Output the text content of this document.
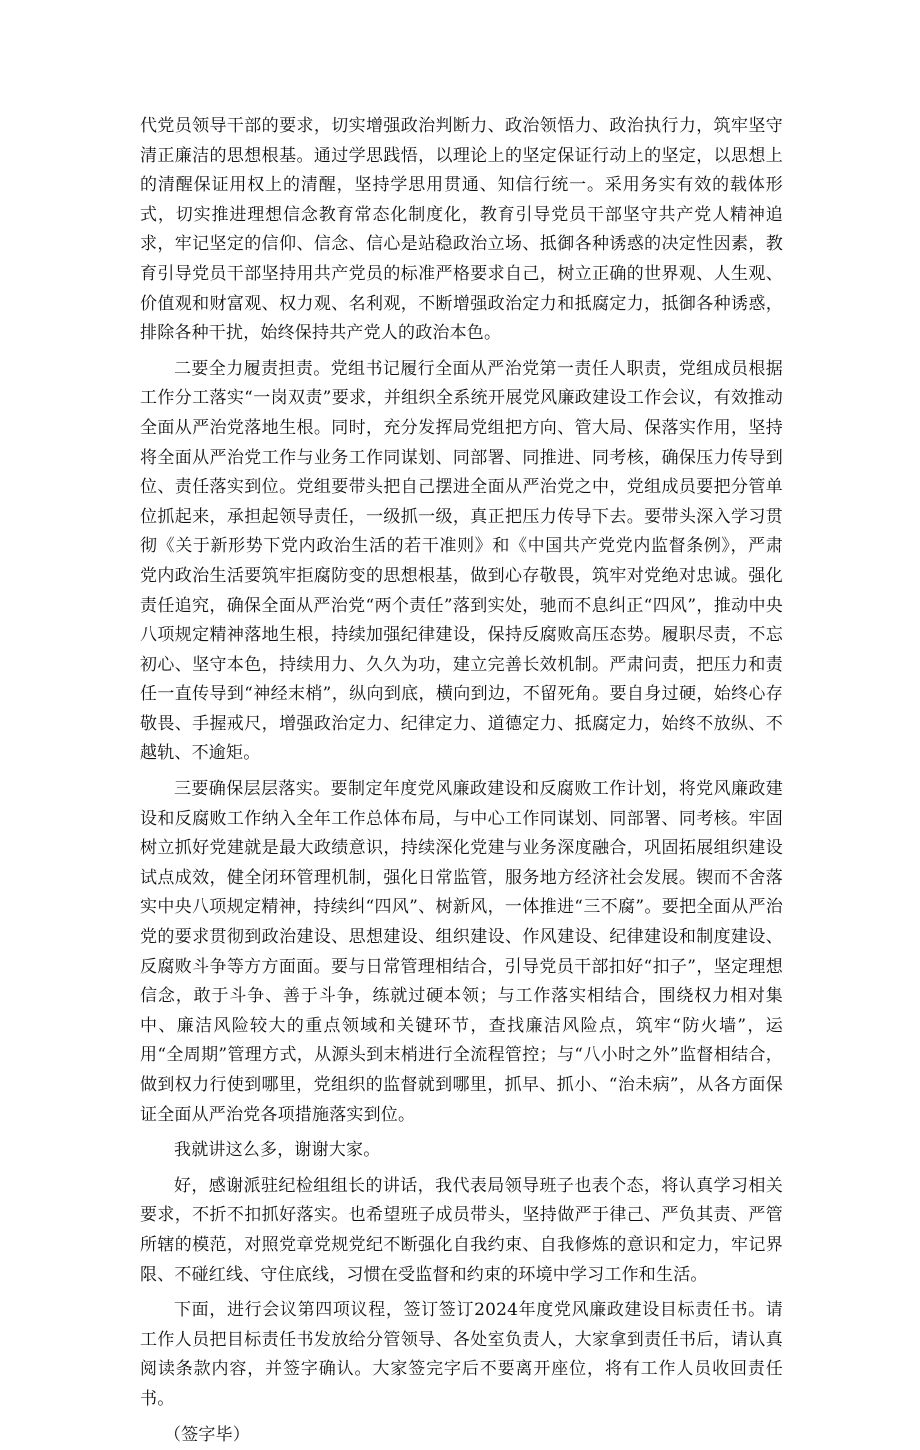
代党员领导干部的要求，切实增强政治判断力、政治领悟力、政治执行力，筑牢坚守清正廉洁的思想根基。通过学思践悟，以理论上的坚定保证行动上的坚定，以思想上的清醒保证用权上的清醒，坚持学思用贯通、知信行统一。采用务实有效的载体形式，切实推进理想信念教育常态化制度化，教育引导党员干部坚守共产党人精神追求，牢记坚定的信仰、信念、信心是站稳政治立场、抵御各种诱惑的决定性因素，教育引导党员干部坚持用共产党员的标准严格要求自己，树立正确的世界观、人生观、价值观和财富观、权力观、名利观，不断增强政治定力和抵腐定力，抵御各种诱惑，排除各种干扰，始终保持共产党人的政治本色。

二要全力履责担责。党组书记履行全面从严治党第一责任人职责，党组成员根据工作分工落实“一岗双责”要求，并组织全系统开展党风廉政建设工作会议，有效推动全面从严治党落地生根。同时，充分发挥局党组把方向、管大局、保落实作用，坚持将全面从严治党工作与业务工作同谋划、同部署、同推进、同考核，确保压力传导到位、责任落实到位。党组要带头把自己摆进全面从严治党之中，党组成员要把分管单位抓起来，承担起领导责任，一级抓一级，真正把压力传导下去。要带头深入学习贯彻《关于新形势下党内政治生活的若干准则》和《中国共产党党内监督条例》，严肃党内政治生活要筑牢拒腐防变的思想根基，做到心存敬畏，筑牢对党绝对忠诚。强化责任追究，确保全面从严治党“两个责任”落到实处，驰而不息纠正“四风”，推动中央八项规定精神落地生根，持续加强纪律建设，保持反腐败高压态势。履职尽责，不忘初心、坚守本色，持续用力、久久为功，建立完善长效机制。严肃问责，把压力和责任一直传导到“神经末梢”，纵向到底，横向到边，不留死角。要自身过硬，始终心存敬畏、手握戒尺，增强政治定力、纪律定力、道德定力、抵腐定力，始终不放纵、不越轨、不逾矩。

三要确保层层落实。要制定年度党风廉政建设和反腐败工作计划，将党风廉政建设和反腐败工作纳入全年工作总体布局，与中心工作同谋划、同部署、同考核。牢固树立抓好党建就是最大政绩意识，持续深化党建与业务深度融合，巩固拓展组织建设试点成效，健全闭环管理机制，强化日常监管，服务地方经济社会发展。锲而不舍落实中央八项规定精神，持续纠“四风”、树新风，一体推进“三不腐”。要把全面从严治党的要求贯彻到政治建设、思想建设、组织建设、作风建设、纪律建设和制度建设、反腐败斗争等方方面面。要与日常管理相结合，引导党员干部扣好“扣子”，坚定理想信念，敢于斗争、善于斗争，练就过硬本领；与工作落实相结合，围绕权力相对集中、廉洁风险较大的重点领域和关键环节，查找廉洁风险点，筑牢“防火墙”，运用“全周期”管理方式，从源头到末梢进行全流程管控；与“八小时之外”监督相结合，做到权力行使到哪里，党组织的监督就到哪里，抓早、抓小、“治未病”，从各方面保证全面从严治党各项措施落实到位。

我就讲这么多，谢谢大家。

好，感谢派驻纪检组组长的讲话，我代表局领导班子也表个态，将认真学习相关要求，不折不扣抓好落实。也希望班子成员带头，坚持做严于律己、严负其责、严管所辖的模范，对照党章党规党纪不断强化自我约束、自我修炼的意识和定力，牢记界限、不碰红线、守住底线，习惯在受监督和约束的环境中学习工作和生活。

下面，进行会议第四项议程，签订签订2024年度党风廉政建设目标责任书。请工作人员把目标责任书发放给分管领导、各处室负责人，大家拿到责任书后，请认真阅读条款内容，并签字确认。大家签完字后不要离开座位，将有工作人员收回责任书。

（签字毕）
